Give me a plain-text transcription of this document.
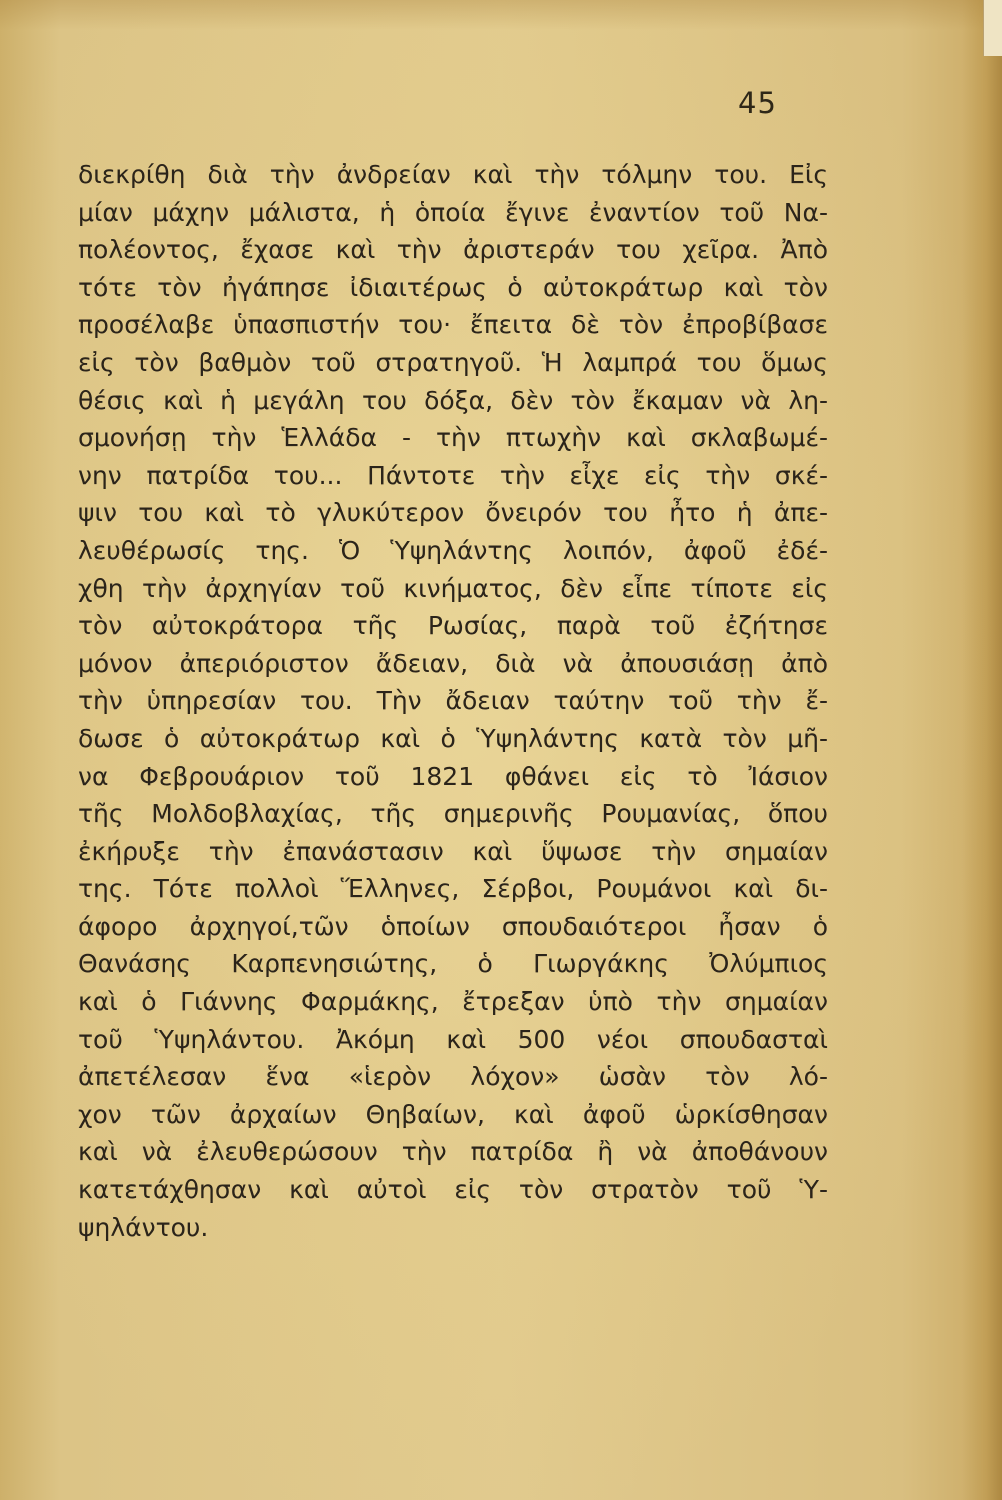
45
διεκρίθη διὰ τὴν ἀνδρείαν καὶ τὴν τόλμην του. Εἰς
μίαν μάχην μάλιστα, ἡ ὁποία ἔγινε ἐναντίον τοῦ Να-
πολέοντος, ἔχασε καὶ τὴν ἀριστεράν του χεῖρα. Ἀπὸ
τότε τὸν ἠγάπησε ἰδιαιτέρως ὁ αὐτοκράτωρ καὶ τὸν
προσέλαβε ὑπασπιστήν του· ἔπειτα δὲ τὸν ἐπροβίβασε
εἰς τὸν βαθμὸν τοῦ στρατηγοῦ. Ἡ λαμπρά του ὅμως
θέσις καὶ ἡ μεγάλη του δόξα, δὲν τὸν ἔκαμαν νὰ λη-
σμονήσῃ τὴν Ἑλλάδα - τὴν πτωχὴν καὶ σκλαβωμέ-
νην πατρίδα του... Πάντοτε τὴν εἶχε εἰς τὴν σκέ-
ψιν του καὶ τὸ γλυκύτερον ὄνειρόν του ἦτο ἡ ἀπε-
λευθέρωσίς της. Ὁ Ὑψηλάντης λοιπόν, ἀφοῦ ἐδέ-
χθη τὴν ἀρχηγίαν τοῦ κινήματος, δὲν εἶπε τίποτε εἰς
τὸν αὐτοκράτορα τῆς Ρωσίας, παρὰ τοῦ ἐζήτησε
μόνον ἀπεριόριστον ἄδειαν, διὰ νὰ ἀπουσιάσῃ ἀπὸ
τὴν ὑπηρεσίαν του. Τὴν ἄδειαν ταύτην τοῦ τὴν ἔ-
δωσε ὁ αὐτοκράτωρ καὶ ὁ Ὑψηλάντης κατὰ τὸν μῆ-
να Φεβρουάριον τοῦ 1821 φθάνει εἰς τὸ Ἰάσιον
τῆς Μολδοβλαχίας, τῆς σημερινῆς Ρουμανίας, ὅπου
ἐκήρυξε τὴν ἐπανάστασιν καὶ ὕψωσε τὴν σημαίαν
της. Τότε πολλοὶ Ἕλληνες, Σέρβοι, Ρουμάνοι καὶ δι-
άφορο ἀρχηγοί,τῶν ὁποίων σπουδαιότεροι ἦσαν ὁ
Θανάσης Καρπενησιώτης, ὁ Γιωργάκης Ὀλύμπιος
καὶ ὁ Γιάννης Φαρμάκης, ἔτρεξαν ὑπὸ τὴν σημαίαν
τοῦ Ὑψηλάντου. Ἀκόμη καὶ 500 νέοι σπουδασταὶ
ἀπετέλεσαν ἕνα «ἱερὸν λόχον» ὡσὰν τὸν λό-
χον τῶν ἀρχαίων Θηβαίων, καὶ ἀφοῦ ὡρκίσθησαν
καὶ νὰ ἐλευθερώσουν τὴν πατρίδα ἢ νὰ ἀποθάνουν
κατετάχθησαν καὶ αὐτοὶ εἰς τὸν στρατὸν τοῦ Ὑ-
ψηλάντου.
